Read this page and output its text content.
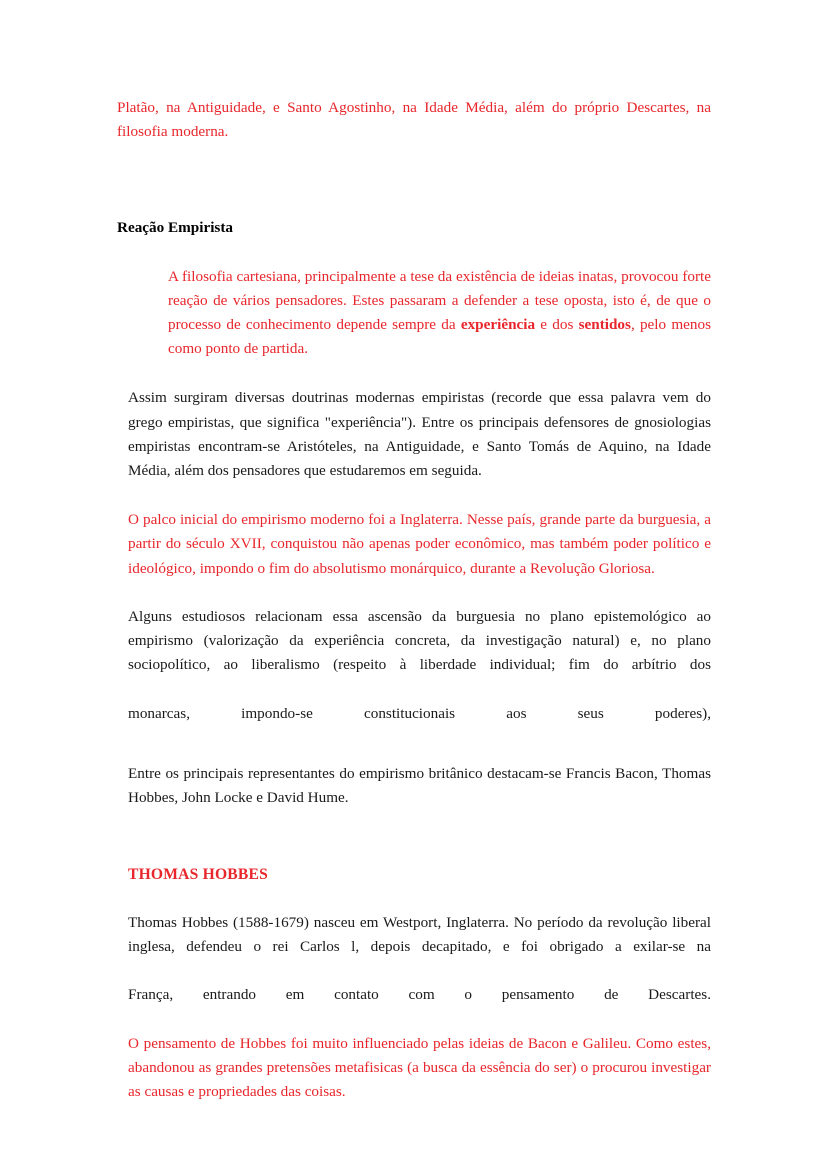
Platão, na Antiguidade, e Santo Agostinho, na Idade Média, além do próprio Descartes, na filosofia moderna.

Reação Empirista

A filosofia cartesiana, principalmente a tese da existência de ideias inatas, provocou forte reação de vários pensadores. Estes passaram a defender a tese oposta, isto é, de que o processo de conhecimento depende sempre da experiência e dos sentidos, pelo menos como ponto de partida.

Assim surgiram diversas doutrinas modernas empiristas (recorde que essa palavra vem do grego empiristas, que significa "experiência"). Entre os principais defensores de gnosiologias empiristas encontram-se Aristóteles, na Antiguidade, e Santo Tomás de Aquino, na Idade Média, além dos pensadores que estudaremos em seguida.

O palco inicial do empirismo moderno foi a Inglaterra. Nesse país, grande parte da burguesia, a partir do século XVII, conquistou não apenas poder econômico, mas também poder político e ideológico, impondo o fim do absolutismo monárquico, durante a Revolução Gloriosa.

Alguns estudiosos relacionam essa ascensão da burguesia no plano epistemológico ao empirismo (valorização da experiência concreta, da investigação natural) e, no plano sociopolítico, ao liberalismo (respeito à liberdade individual; fim do arbítrio dos

monarcas, impondo-se constitucionais aos seus poderes),

Entre os principais representantes do empirismo britânico destacam-se Francis Bacon, Thomas Hobbes, John Locke e David Hume.

THOMAS HOBBES

Thomas Hobbes (1588-1679) nasceu em Westport, Inglaterra. No período da revolução liberal inglesa, defendeu o rei Carlos l, depois decapitado, e foi obrigado a exilar-se na

França, entrando em contato com o pensamento de Descartes.

O pensamento de Hobbes foi muito influenciado pelas ideias de Bacon e Galileu. Como estes, abandonou as grandes pretensões metafisicas (a busca da essência do ser) o procurou investigar as causas e propriedades das coisas.
